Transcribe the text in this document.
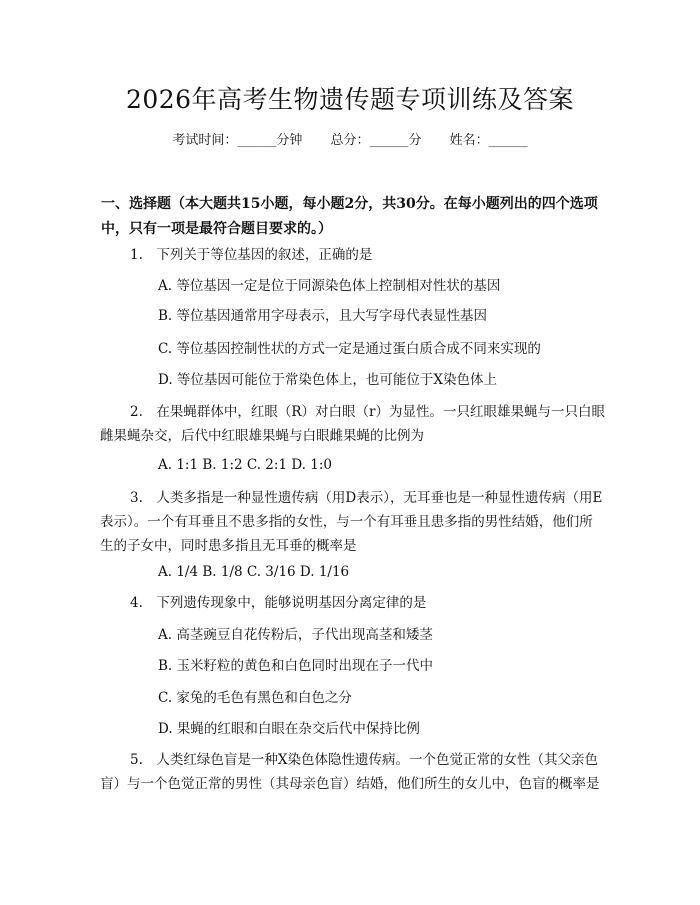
2026年高考生物遗传题专项训练及答案
考试时间：______分钟 总分：______分 姓名：______
一、选择题（本大题共15小题，每小题2分，共30分。在每小题列出的四个选项中，只有一项是最符合题目要求的。）
1.　下列关于等位基因的叙述，正确的是
A. 等位基因一定是位于同源染色体上控制相对性状的基因
B. 等位基因通常用字母表示，且大写字母代表显性基因
C. 等位基因控制性状的方式一定是通过蛋白质合成不同来实现的
D. 等位基因可能位于常染色体上，也可能位于X染色体上
2.　在果蝇群体中，红眼（R）对白眼（r）为显性。一只红眼雄果蝇与一只白眼雌果蝇杂交，后代中红眼雄果蝇与白眼雌果蝇的比例为
A. 1:1 B. 1:2 C. 2:1 D. 1:0
3.　人类多指是一种显性遗传病（用D表示），无耳垂也是一种显性遗传病（用E表示）。一个有耳垂且不患多指的女性，与一个有耳垂且患多指的男性结婚，他们所生的子女中，同时患多指且无耳垂的概率是
A. 1/4 B. 1/8 C. 3/16 D. 1/16
4.　下列遗传现象中，能够说明基因分离定律的是
A. 高茎豌豆自花传粉后，子代出现高茎和矮茎
B. 玉米籽粒的黄色和白色同时出现在子一代中
C. 家兔的毛色有黑色和白色之分
D. 果蝇的红眼和白眼在杂交后代中保持比例
5.　人类红绿色盲是一种X染色体隐性遗传病。一个色觉正常的女性（其父亲色盲）与一个色觉正常的男性（其母亲色盲）结婚，他们所生的女儿中，色盲的概率是
